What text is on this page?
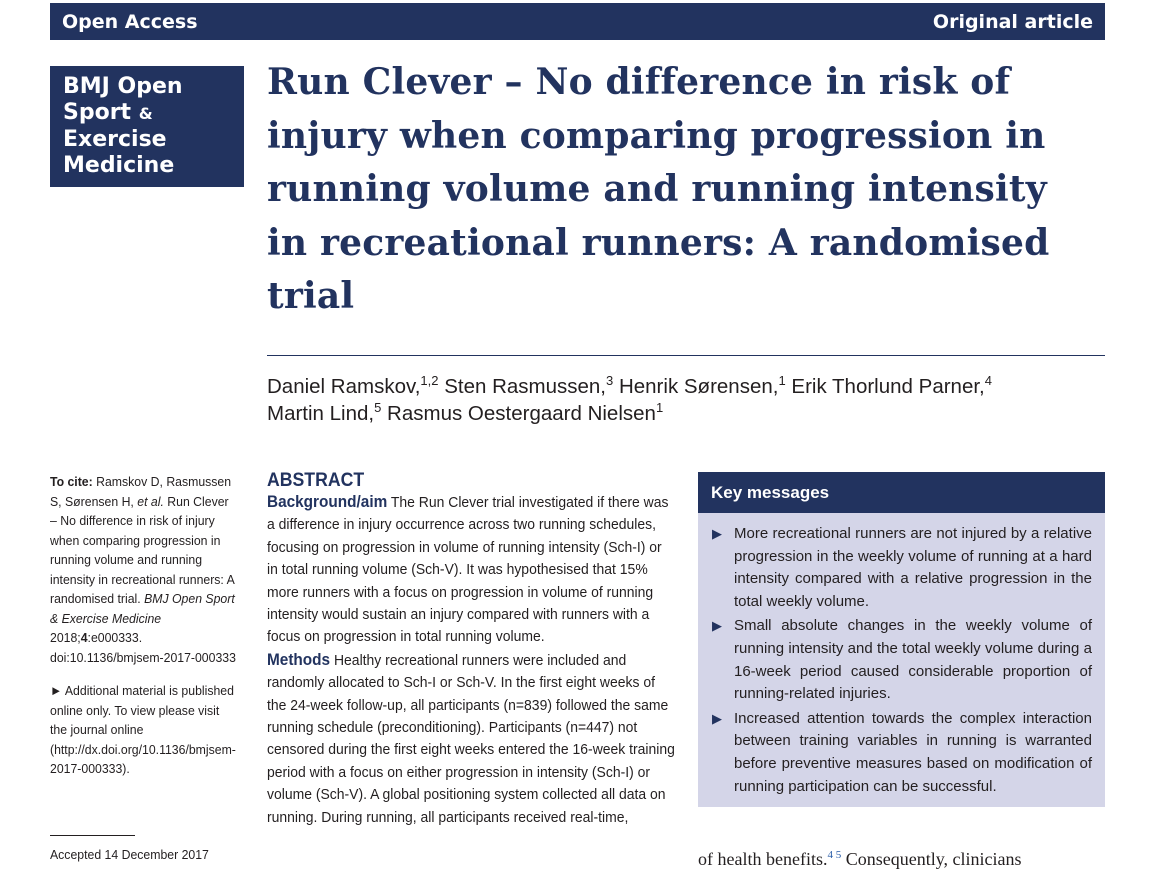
Open Access	Original article
BMJ Open
Sport &
Exercise
Medicine
Run Clever – No difference in risk of injury when comparing progression in running volume and running intensity in recreational runners: A randomised trial
Daniel Ramskov,$^{1,2}$ Sten Rasmussen,$^3$ Henrik Sørensen,$^1$ Erik Thorlund Parner,$^4$
Martin Lind,$^5$ Rasmus Oestergaard Nielsen$^1$

To cite: Ramskov D, Rasmussen S, Sørensen H, et al. Run Clever – No difference in risk of injury when comparing progression in running volume and running intensity in recreational runners: A randomised trial. BMJ Open Sport & Exercise Medicine 2018;4:e000333. doi:10.1136/bmjsem-2017-000333

► Additional material is published online only. To view please visit the journal online (http://dx.doi.org/10.1136/bmjsem-2017-000333).

Accepted 14 December 2017
ABSTRACT

Background/aim The Run Clever trial investigated if there was a difference in injury occurrence across two running schedules, focusing on progression in volume of running intensity (Sch-I) or in total running volume (Sch-V). It was hypothesised that 15% more runners with a focus on progression in volume of running intensity would sustain an injury compared with runners with a focus on progression in total running volume.

Methods Healthy recreational runners were included and randomly allocated to Sch-I or Sch-V. In the first eight weeks of the 24-week follow-up, all participants (n=839) followed the same running schedule (preconditioning). Participants (n=447) not censored during the first eight weeks entered the 16-week training period with a focus on either progression in intensity (Sch-I) or volume (Sch-V). A global positioning system collected all data on running. During running, all participants received real-time,

Key messages
▶ More recreational runners are not injured by a relative progression in the weekly volume of running at a hard intensity compared with a relative progression in the total weekly volume.
▶ Small absolute changes in the weekly volume of running intensity and the total weekly volume during a 16-week period caused considerable proportion of running-related injuries.
▶ Increased attention towards the complex interaction between training variables in running is warranted before preventive measures based on modification of running participation can be successful.
of health benefits.$^{4 5}$ Consequently, clinicians
